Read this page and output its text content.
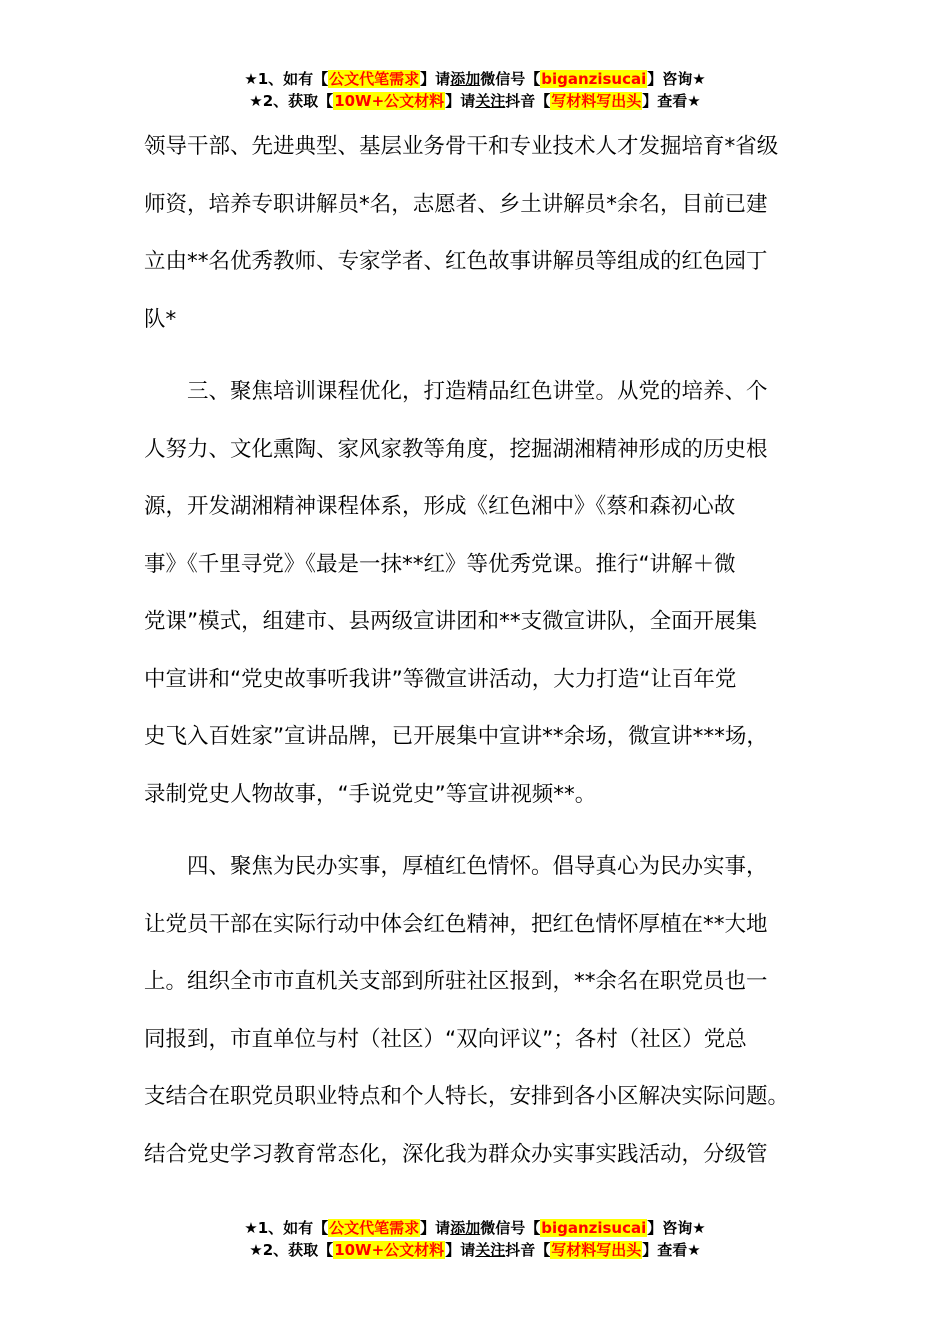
★1、如有【公文代笔需求】请添加微信号【biganzisucai】咨询★
★2、获取【10W+公文材料】请关注抖音【写材料写出头】查看★
领导干部、先进典型、基层业务骨干和专业技术人才发掘培育*省级
师资，培养专职讲解员*名，志愿者、乡土讲解员*余名，目前已建
立由**名优秀教师、专家学者、红色故事讲解员等组成的红色园丁
队*
　　三、聚焦培训课程优化，打造精品红色讲堂。从党的培养、个
人努力、文化熏陶、家风家教等角度，挖掘湖湘精神形成的历史根
源，开发湖湘精神课程体系，形成《红色湘中》《蔡和森初心故
事》《千里寻党》《最是一抹**红》等优秀党课。推行“讲解＋微
党课”模式，组建市、县两级宣讲团和**支微宣讲队，全面开展集
中宣讲和“党史故事听我讲”等微宣讲活动，大力打造“让百年党
史飞入百姓家”宣讲品牌，已开展集中宣讲**余场，微宣讲***场，
录制党史人物故事，“手说党史”等宣讲视频**。
　　四、聚焦为民办实事，厚植红色情怀。倡导真心为民办实事，
让党员干部在实际行动中体会红色精神，把红色情怀厚植在**大地
上。组织全市市直机关支部到所驻社区报到，**余名在职党员也一
同报到，市直单位与村（社区）“双向评议”；各村（社区）党总
支结合在职党员职业特点和个人特长，安排到各小区解决实际问题。
结合党史学习教育常态化，深化我为群众办实事实践活动，分级管
★1、如有【公文代笔需求】请添加微信号【biganzisucai】咨询★
★2、获取【10W+公文材料】请关注抖音【写材料写出头】查看★
